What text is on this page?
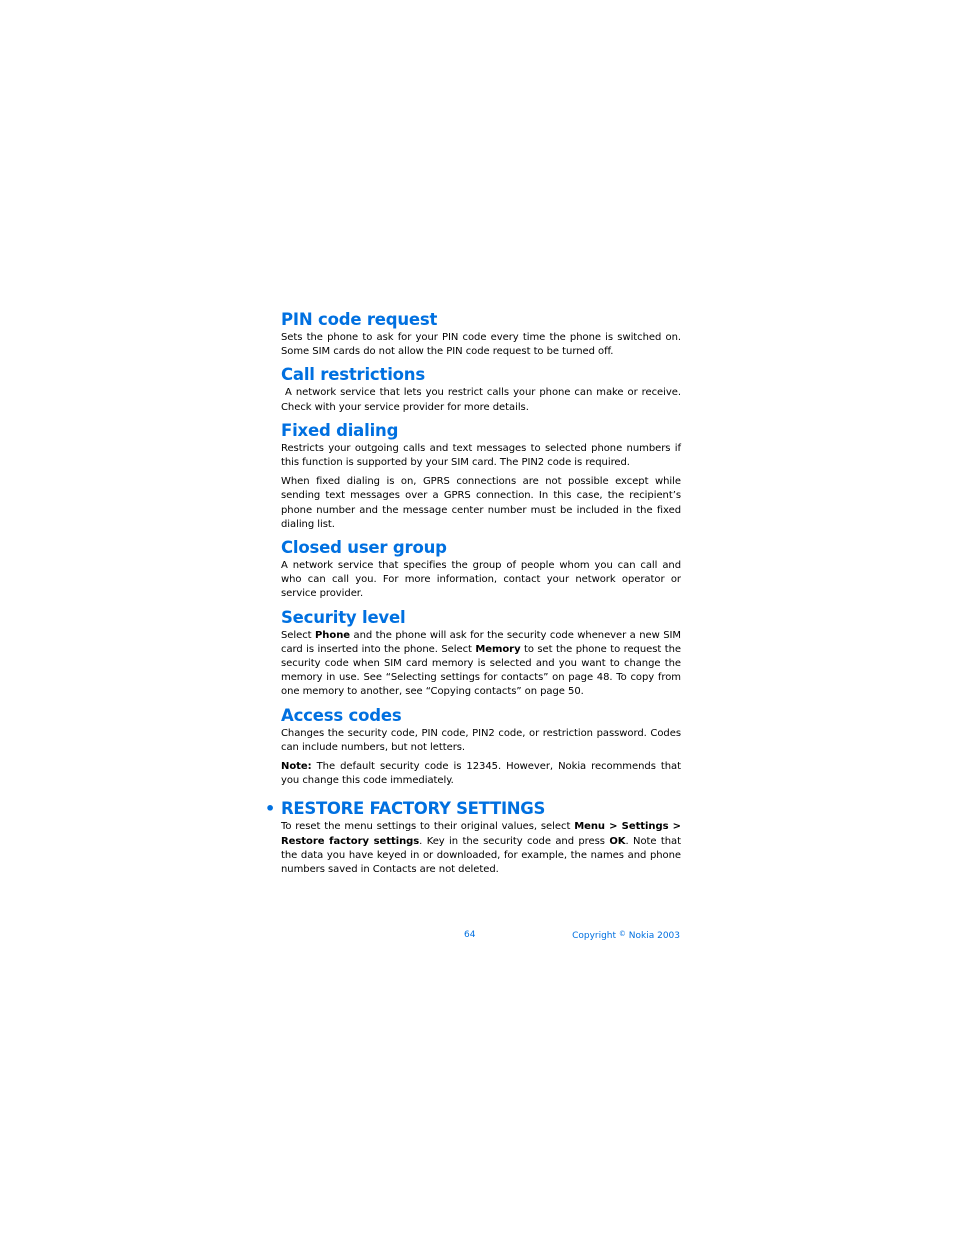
PIN code request

Sets the phone to ask for your PIN code every time the phone is switched on. Some SIM cards do not allow the PIN code request to be turned off.

Call restrictions

A network service that lets you restrict calls your phone can make or receive. Check with your service provider for more details.

Fixed dialing

Restricts your outgoing calls and text messages to selected phone numbers if this function is supported by your SIM card. The PIN2 code is required.

When fixed dialing is on, GPRS connections are not possible except while sending text messages over a GPRS connection. In this case, the recipient’s phone number and the message center number must be included in the fixed dialing list.

Closed user group

A network service that specifies the group of people whom you can call and who can call you. For more information, contact your network operator or service provider.

Security level

Select Phone and the phone will ask for the security code whenever a new SIM card is inserted into the phone. Select Memory to set the phone to request the security code when SIM card memory is selected and you want to change the memory in use. See “Selecting settings for contacts” on page 48. To copy from one memory to another, see “Copying contacts” on page 50.

Access codes

Changes the security code, PIN code, PIN2 code, or restriction password. Codes can include numbers, but not letters.

Note: The default security code is 12345. However, Nokia recommends that you change this code immediately.

• RESTORE FACTORY SETTINGS

To reset the menu settings to their original values, select Menu > Settings > Restore factory settings. Key in the security code and press OK. Note that the data you have keyed in or downloaded, for example, the names and phone numbers saved in Contacts are not deleted.

64	Copyright © Nokia 2003
